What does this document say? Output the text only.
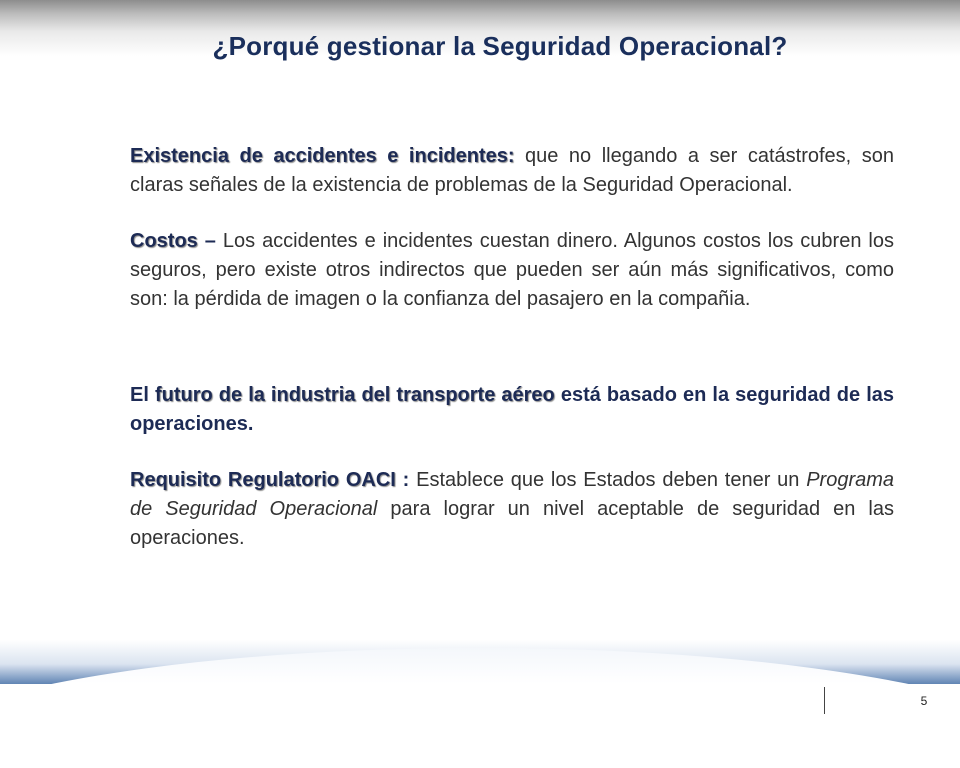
¿Porqué gestionar la Seguridad Operacional?

Existencia de accidentes e incidentes: que no llegando a ser catástrofes, son claras señales de la existencia de problemas de la Seguridad Operacional.

Costos – Los accidentes e incidentes cuestan dinero. Algunos costos los cubren los seguros, pero existe otros indirectos que pueden ser aún más significativos, como son: la pérdida de imagen o la confianza del pasajero en la compañia.

El futuro de la industria del transporte aéreo está basado en la seguridad de las operaciones.

Requisito Regulatorio OACI : Establece que los Estados deben tener un Programa de Seguridad Operacional para lograr un nivel aceptable de seguridad en las operaciones.

5
